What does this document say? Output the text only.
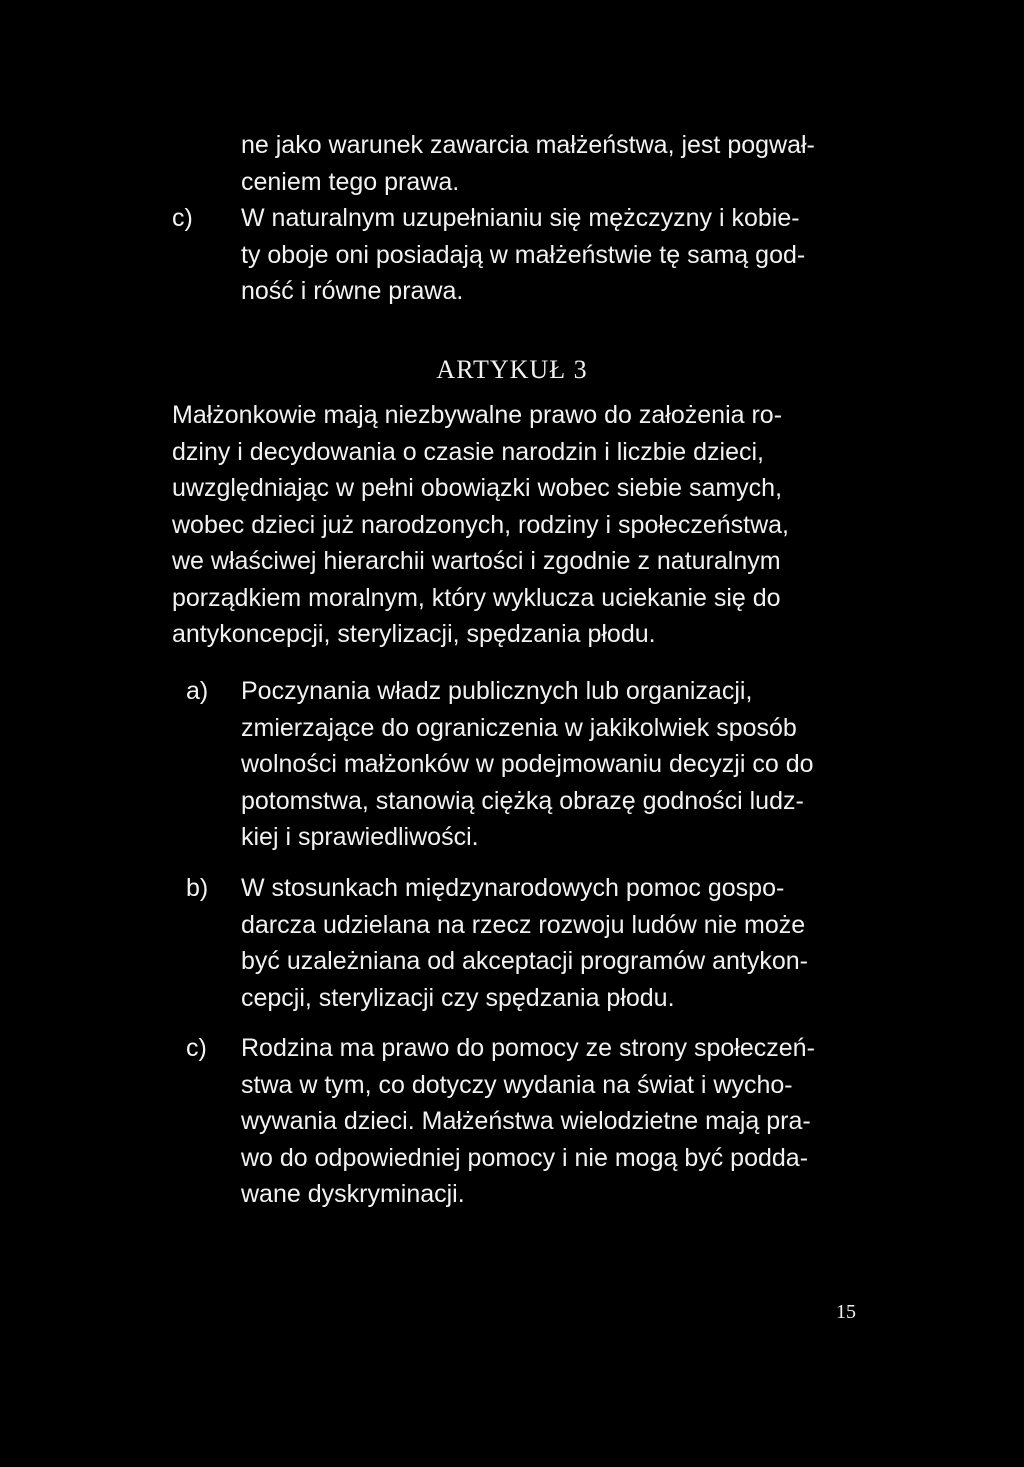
ne jako warunek zawarcia małżeństwa, jest pogwał-
ceniem tego prawa.
c) W naturalnym uzupełnianiu się mężczyzny i kobie-
ty oboje oni posiadają w małżeństwie tę samą god-
ność i równe prawa.
ARTYKUŁ 3
Małżonkowie mają niezbywalne prawo do założenia ro-
dziny i decydowania o czasie narodzin i liczbie dzieci,
uwzględniając w pełni obowiązki wobec siebie samych,
wobec dzieci już narodzonych, rodziny i społeczeństwa,
we właściwej hierarchii wartości i zgodnie z naturalnym
porządkiem moralnym, który wyklucza uciekanie się do
antykoncepcji, sterylizacji, spędzania płodu.
a) Poczynania władz publicznych lub organizacji,
zmierzające do ograniczenia w jakikolwiek sposób
wolności małżonków w podejmowaniu decyzji co do
potomstwa, stanowią ciężką obrazę godności ludz-
kiej i sprawiedliwości.
b) W stosunkach międzynarodowych pomoc gospo-
darcza udzielana na rzecz rozwoju ludów nie może
być uzależniana od akceptacji programów antykon-
cepcji, sterylizacji czy spędzania płodu.
c) Rodzina ma prawo do pomocy ze strony społeczeń-
stwa w tym, co dotyczy wydania na świat i wycho-
wywania dzieci. Małżeństwa wielodzietne mają pra-
wo do odpowiedniej pomocy i nie mogą być podda-
wane dyskryminacji.
15
